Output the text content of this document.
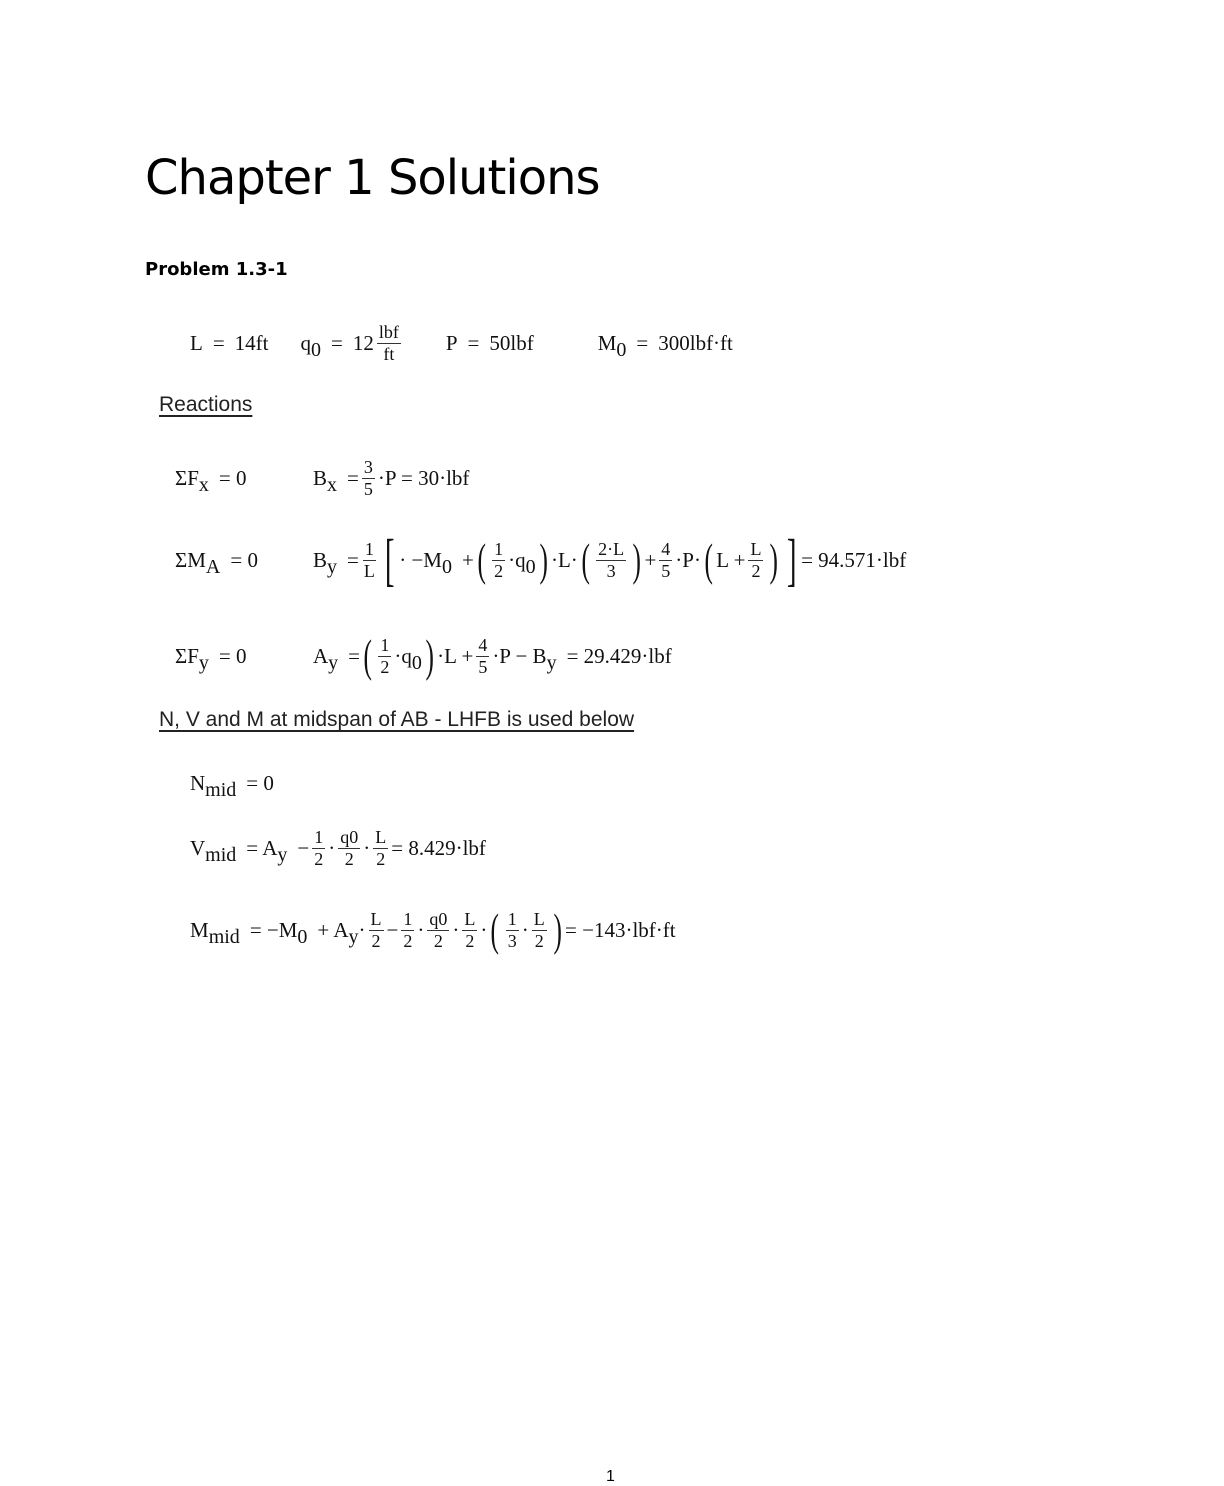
Chapter 1 Solutions
Problem 1.3-1
L = 14ft q $0 = 12 \frac{\text{lbf}}{ft}$ P = 50lbf	M 0 = 300lbf·ft
Reactions
ΣF x = 0	B $x = \frac{3}{5} \cdot P = 30\cdot lbf$
ΣM A = 0	B $y = \frac{1}{L}$ [ · −M 0 + ( $\frac{1}{2} \cdot q$ 0 ) ·L· ( $\frac{2\cdot L}{3}$ ) + $\frac{4}{5} \cdot P\cdot$ ( $L + \frac{L}{2}$ ) ] = 94.571·lbf
ΣF y = 0	A y = ( $\frac{1}{2} \cdot q$ 0 ) $\cdot L + \frac{4}{5} \cdot P - B$ y = 29.429·lbf
N, V and M at midspan of AB - LHFB is used below
N mid = 0
V mid = A $y - \frac{1}{2} \cdot \frac{q0}{2} \cdot \frac{L}{2} = 8.429\cdot lbf$
M mid = −M 0 + A $y \cdot \frac{L}{2} - \frac{1}{2} \cdot \frac{q0}{2} \cdot \frac{L}{2}$ · ( $\frac{1}{3} \cdot \frac{L}{2}$ ) = −143·lbf·ft
1
